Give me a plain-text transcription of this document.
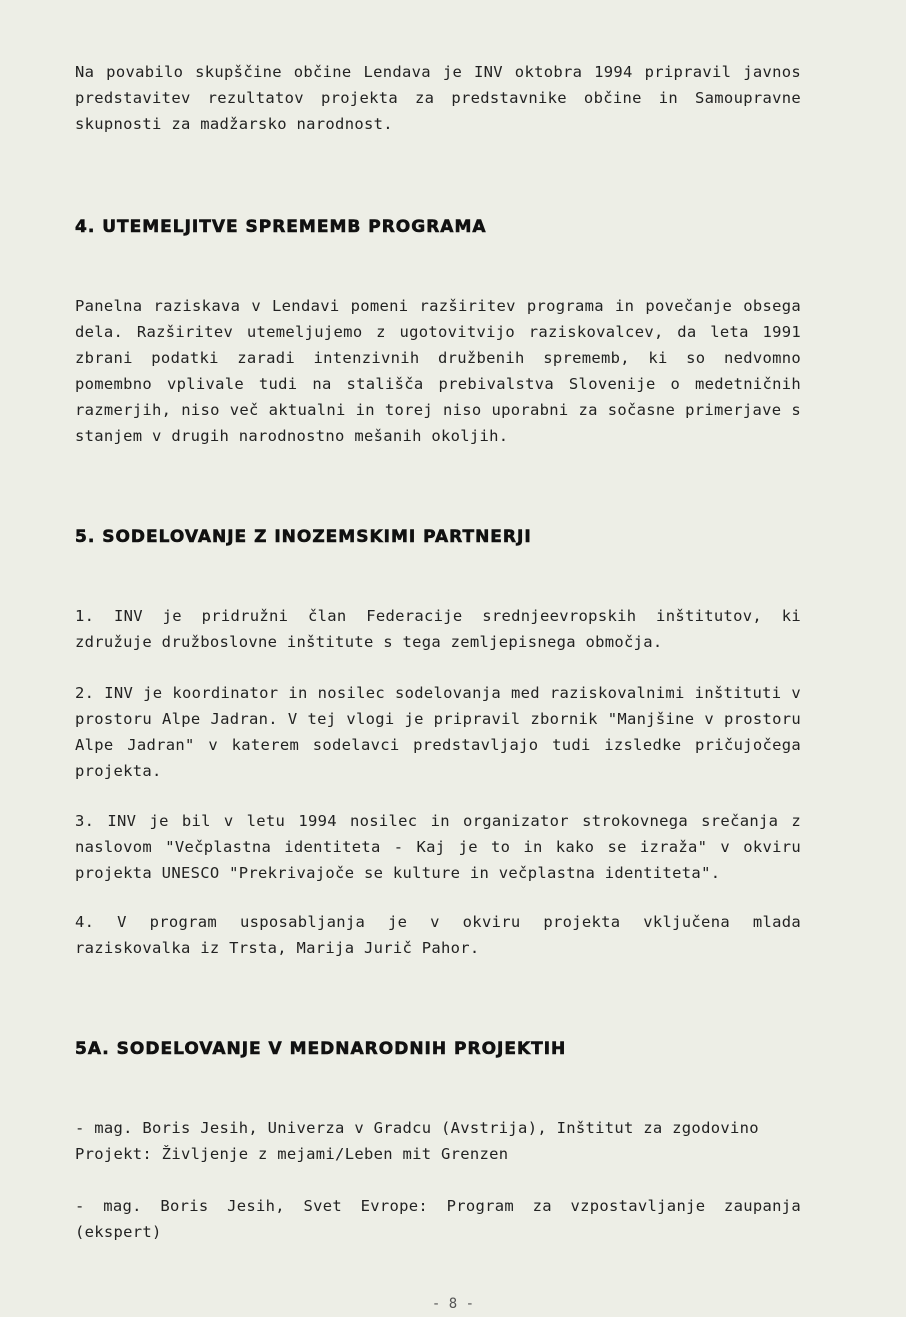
Na povabilo skupščine občine Lendava je INV oktobra 1994 pripravil javnos predstavitev rezultatov projekta za predstavnike občine in Samoupravne skupnosti za madžarsko narodnost.
4. UTEMELJITVE SPREMEMB PROGRAMA
Panelna raziskava v Lendavi pomeni razširitev programa in povečanje obsega dela. Razširitev utemeljujemo z ugotovitvijo raziskovalcev, da leta 1991 zbrani podatki zaradi intenzivnih družbenih sprememb, ki so nedvomno pomembno vplivale tudi na stališča prebivalstva Slovenije o medetničnih razmerjih, niso več aktualni in torej niso uporabni za sočasne primerjave s stanjem v drugih narodnostno mešanih okoljih.
5. SODELOVANJE Z INOZEMSKIMI PARTNERJI
1. INV je pridružni član Federacije srednjeevropskih inštitutov, ki združuje družboslovne inštitute s tega zemljepisnega območja.
2. INV je koordinator in nosilec sodelovanja med raziskovalnimi inštituti v prostoru Alpe Jadran. V tej vlogi je pripravil zbornik "Manjšine v prostoru Alpe Jadran" v katerem sodelavci predstavljajo tudi izsledke pričujočega projekta.
3. INV je bil v letu 1994 nosilec in organizator strokovnega srečanja z naslovom "Večplastna identiteta - Kaj je to in kako se izraža" v okviru projekta UNESCO "Prekrivajoče se kulture in večplastna identiteta".
4. V program usposabljanja je v okviru projekta vključena mlada raziskovalka iz Trsta, Marija Jurič Pahor.
5A. SODELOVANJE V MEDNARODNIH PROJEKTIH
- mag. Boris Jesih, Univerza v Gradcu (Avstrija), Inštitut za zgodovino
Projekt: Življenje z mejami/Leben mit Grenzen
- mag. Boris Jesih, Svet Evrope: Program za vzpostavljanje zaupanja (ekspert)
- 8 -
